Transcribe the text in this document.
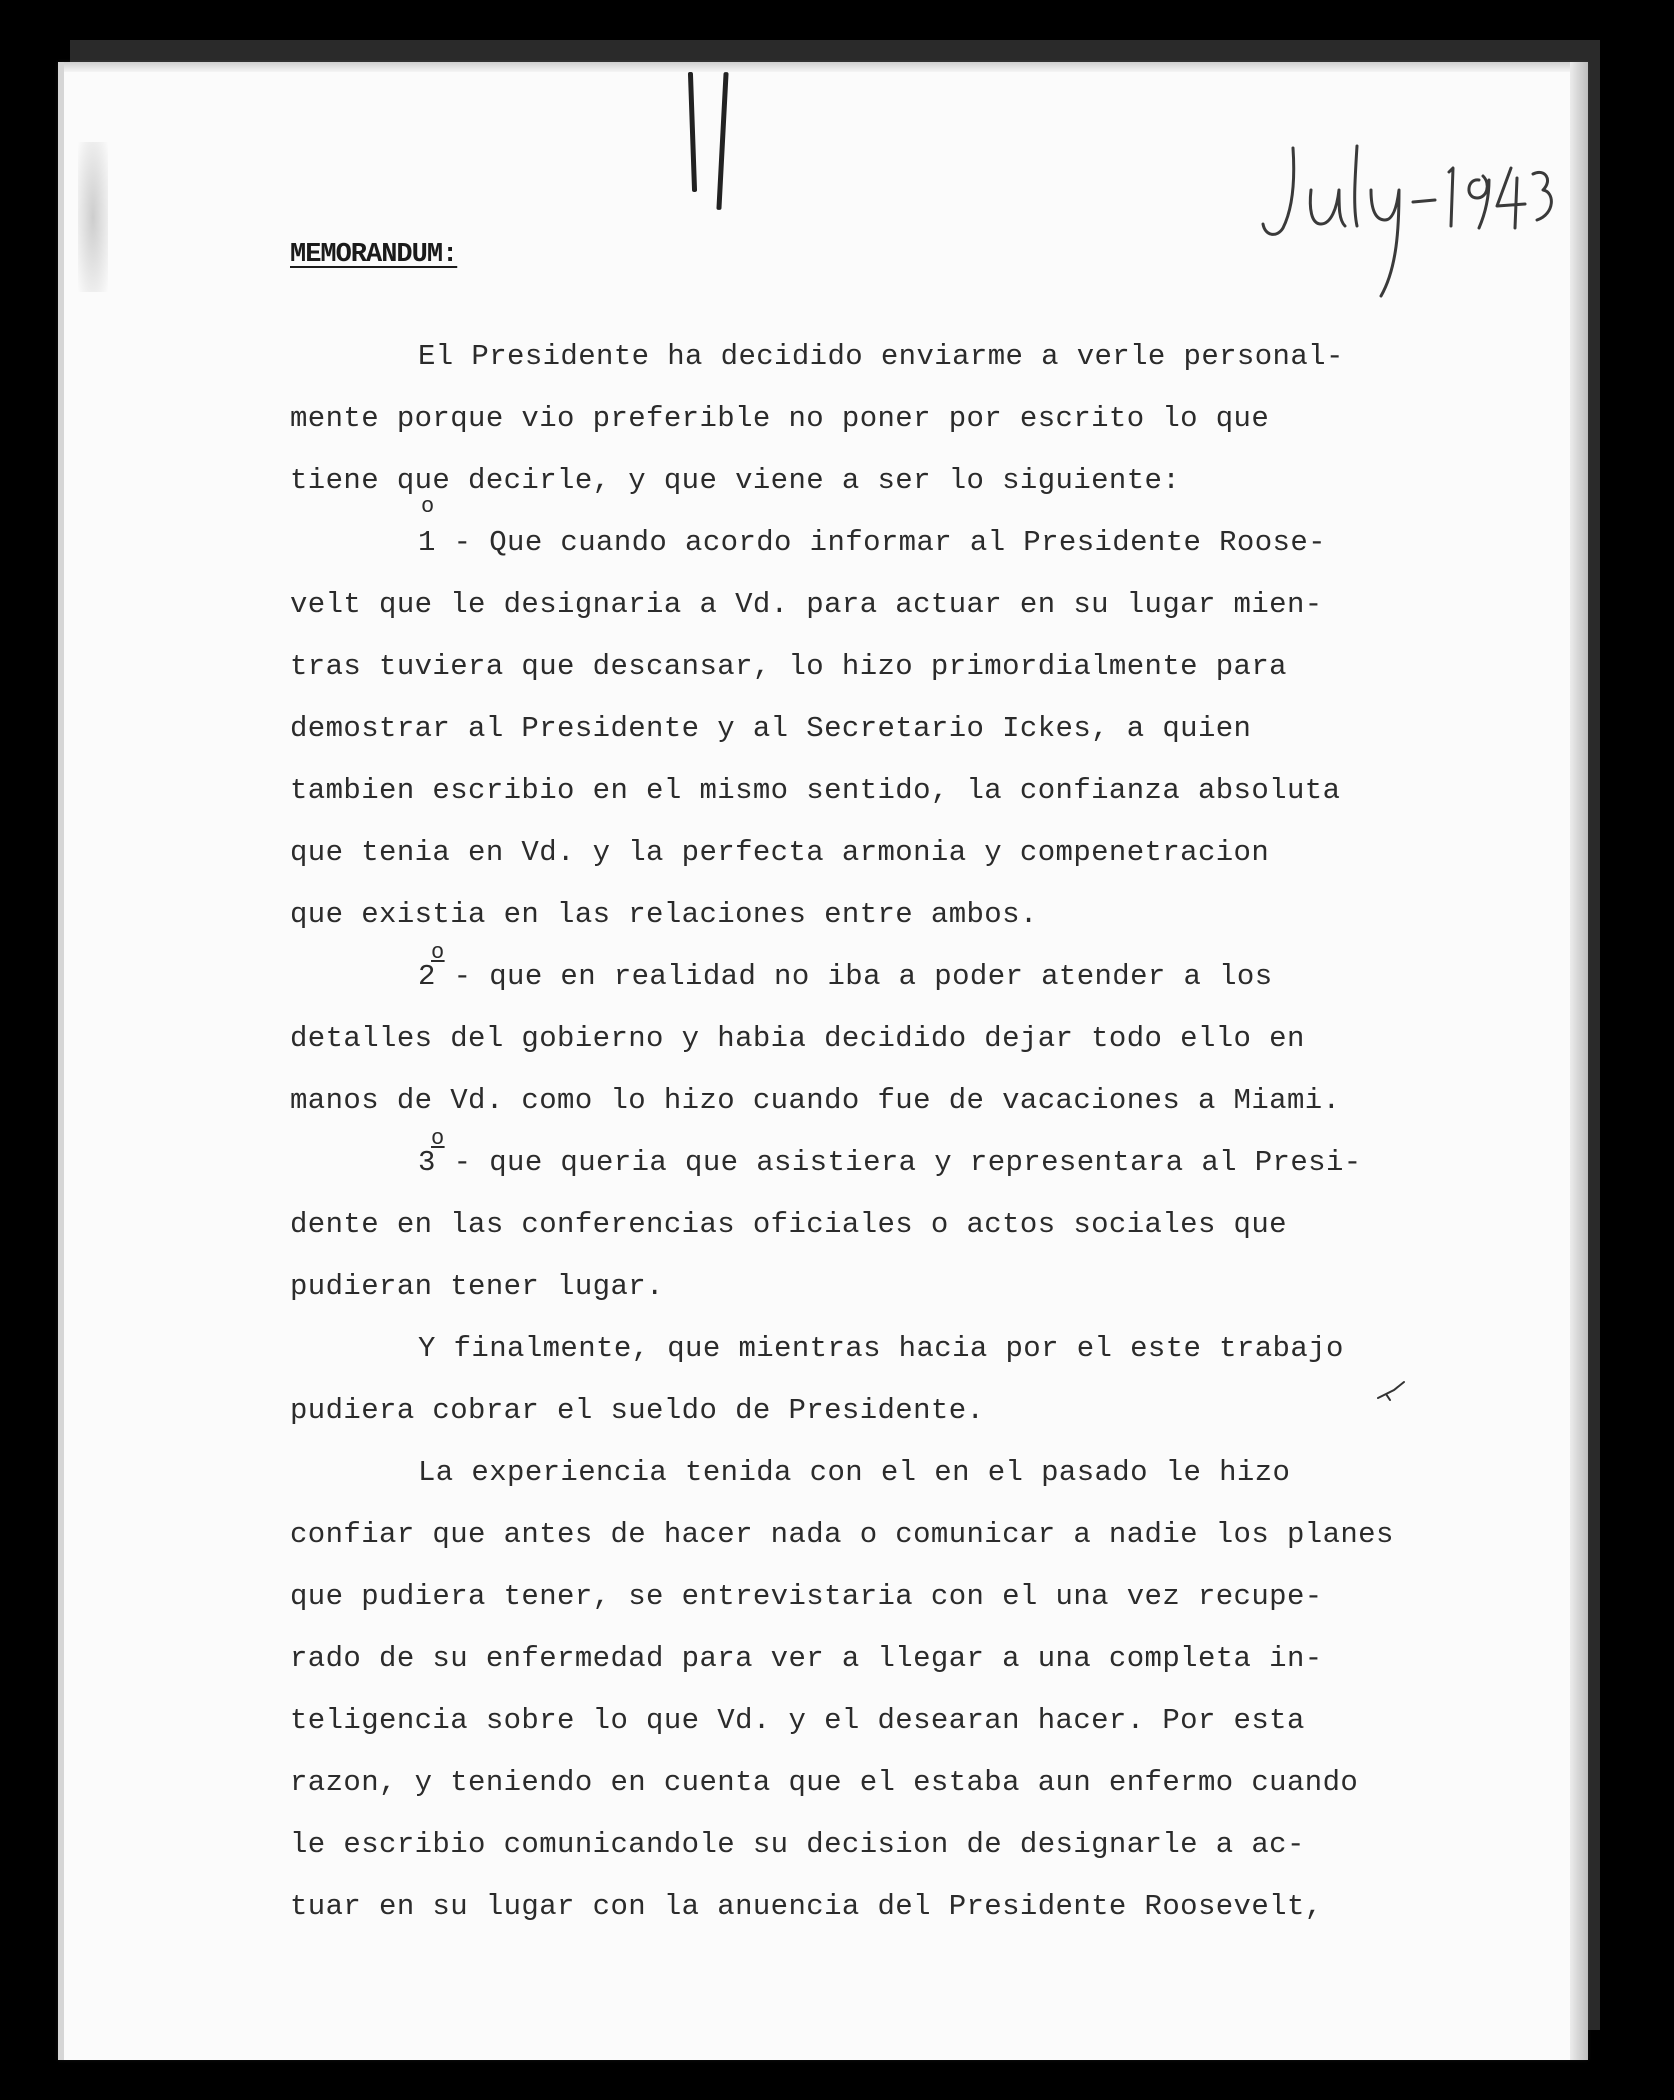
MEMORANDUM:
El Presidente ha decidido enviarme a verle personal-
mente porque vio preferible no poner por escrito lo que
tiene que decirle, y que viene a ser lo siguiente:
1 - Que cuando acordo informar al Presidente Roose-
o
velt que le designaria a Vd. para actuar en su lugar mien-
tras tuviera que descansar, lo hizo primordialmente para
demostrar al Presidente y al Secretario Ickes, a quien
tambien escribio en el mismo sentido, la confianza absoluta
que tenia en Vd. y la perfecta armonia y compenetracion
que existia en las relaciones entre ambos.
2 - que en realidad no iba a poder atender a los
o
detalles del gobierno y habia decidido dejar todo ello en
manos de Vd. como lo hizo cuando fue de vacaciones a Miami.
3 - que queria que asistiera y representara al Presi-
o
dente en las conferencias oficiales o actos sociales que
pudieran tener lugar.
Y finalmente, que mientras hacia por el este trabajo
pudiera cobrar el sueldo de Presidente.
La experiencia tenida con el en el pasado le hizo
confiar que antes de hacer nada o comunicar a nadie los planes
que pudiera tener, se entrevistaria con el una vez recupe-
rado de su enfermedad para ver a llegar a una completa in-
teligencia sobre lo que Vd. y el desearan hacer. Por esta
razon, y teniendo en cuenta que el estaba aun enfermo cuando
le escribio comunicandole su decision de designarle a ac-
tuar en su lugar con la anuencia del Presidente Roosevelt,
